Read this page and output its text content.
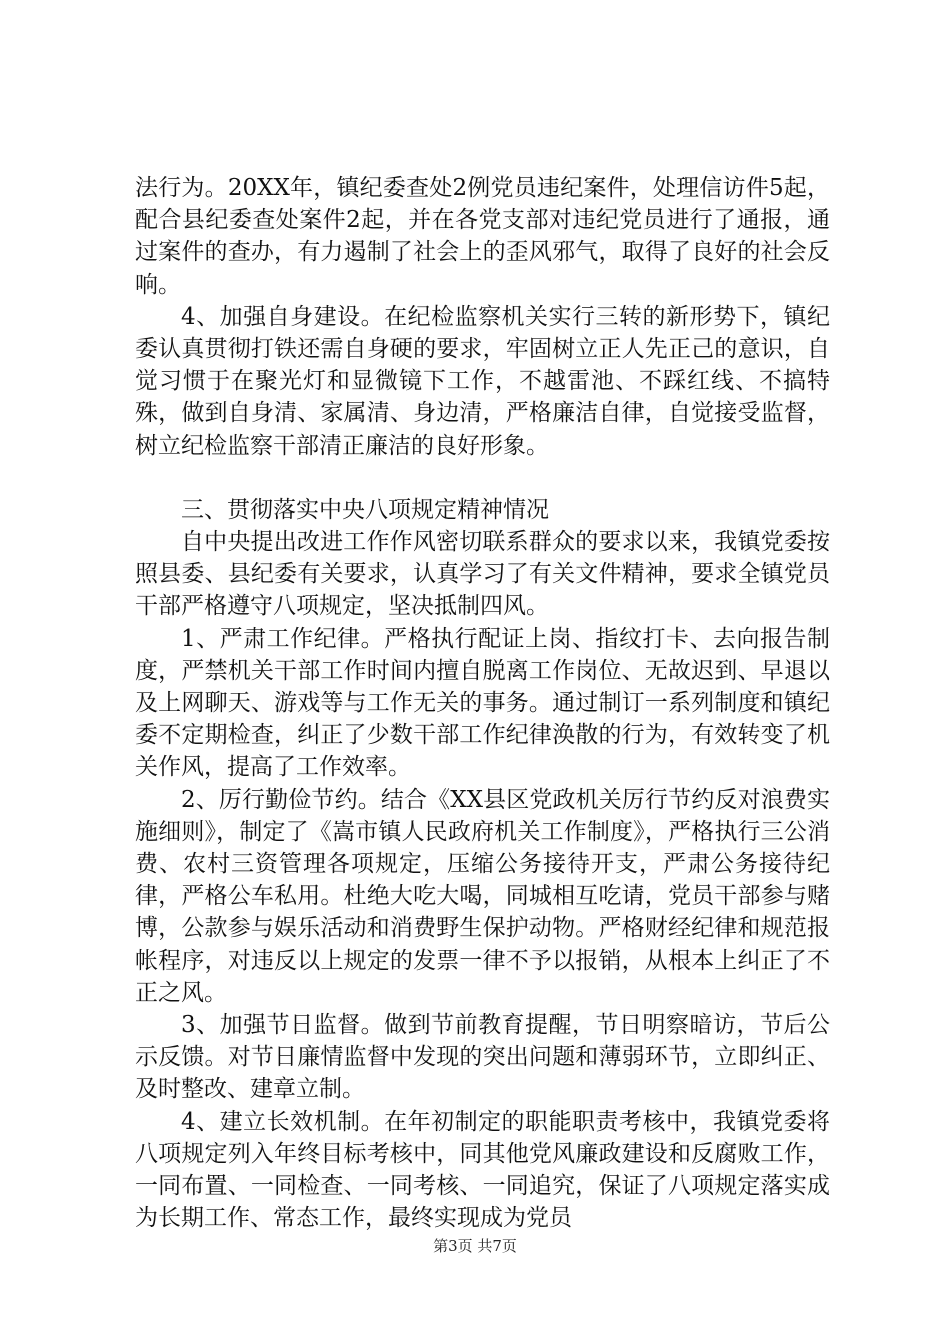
法行为。20XX年，镇纪委查处2例党员违纪案件，处理信访件5起，配合县纪委查处案件2起，并在各党支部对违纪党员进行了通报，通过案件的查办，有力遏制了社会上的歪风邪气，取得了良好的社会反响。

4、加强自身建设。在纪检监察机关实行三转的新形势下，镇纪委认真贯彻打铁还需自身硬的要求，牢固树立正人先正己的意识，自觉习惯于在聚光灯和显微镜下工作，不越雷池、不踩红线、不搞特殊，做到自身清、家属清、身边清，严格廉洁自律，自觉接受监督，树立纪检监察干部清正廉洁的良好形象。

三、贯彻落实中央八项规定精神情况

自中央提出改进工作作风密切联系群众的要求以来，我镇党委按照县委、县纪委有关要求，认真学习了有关文件精神，要求全镇党员干部严格遵守八项规定，坚决抵制四风。

1、严肃工作纪律。严格执行配证上岗、指纹打卡、去向报告制度，严禁机关干部工作时间内擅自脱离工作岗位、无故迟到、早退以及上网聊天、游戏等与工作无关的事务。通过制订一系列制度和镇纪委不定期检查，纠正了少数干部工作纪律涣散的行为，有效转变了机关作风，提高了工作效率。

2、厉行勤俭节约。结合《XX县区党政机关厉行节约反对浪费实施细则》，制定了《嵩市镇人民政府机关工作制度》，严格执行三公消费、农村三资管理各项规定，压缩公务接待开支，严肃公务接待纪律，严格公车私用。杜绝大吃大喝，同城相互吃请，党员干部参与赌博，公款参与娱乐活动和消费野生保护动物。严格财经纪律和规范报帐程序，对违反以上规定的发票一律不予以报销，从根本上纠正了不正之风。

3、加强节日监督。做到节前教育提醒，节日明察暗访，节后公示反馈。对节日廉情监督中发现的突出问题和薄弱环节，立即纠正、及时整改、建章立制。

4、建立长效机制。在年初制定的职能职责考核中，我镇党委将八项规定列入年终目标考核中，同其他党风廉政建设和反腐败工作，一同布置、一同检查、一同考核、一同追究，保证了八项规定落实成为长期工作、常态工作，最终实现成为党员

第3页 共7页
